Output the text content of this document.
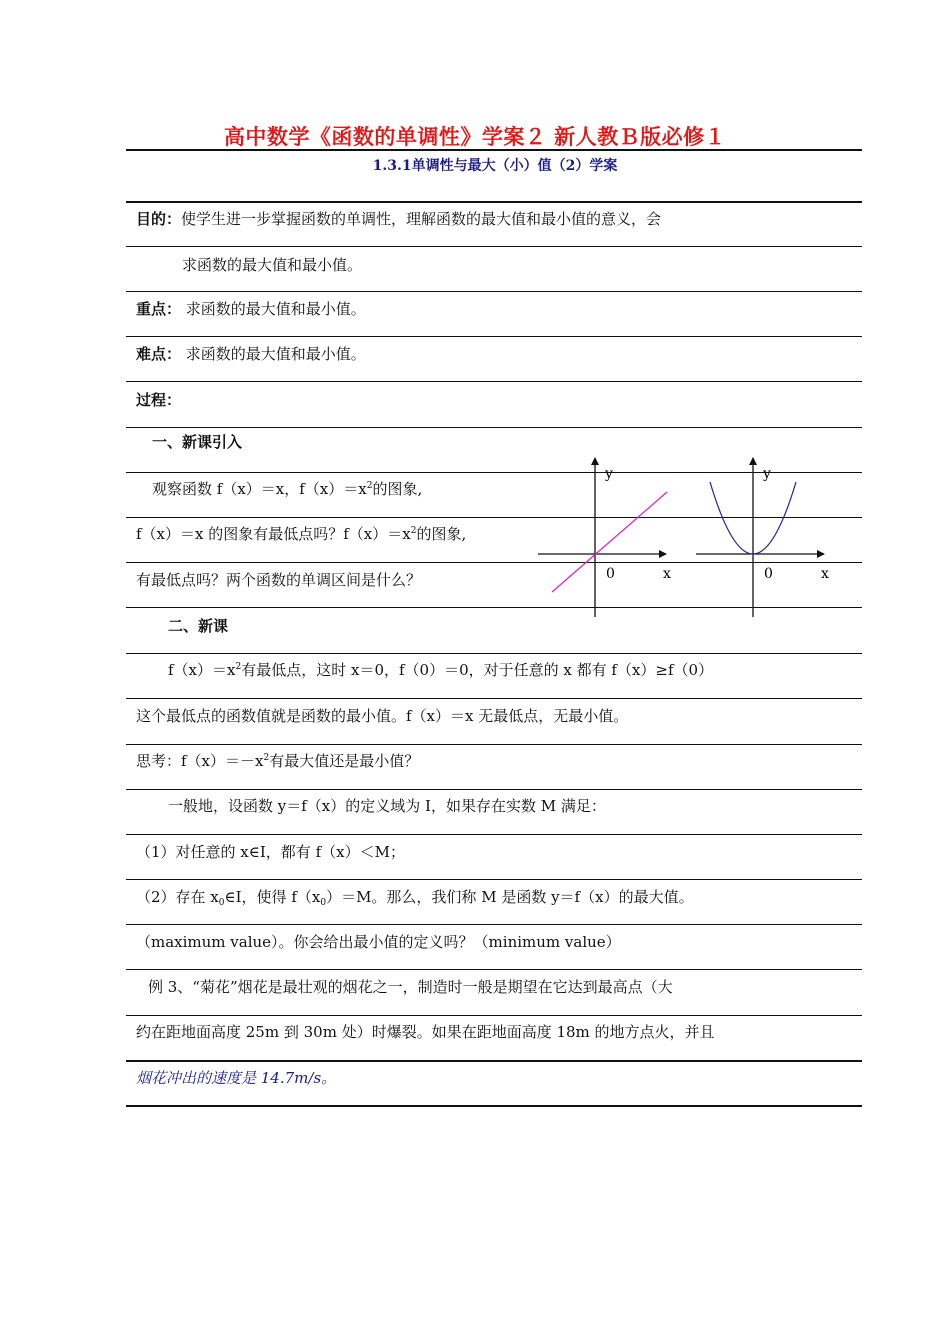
高中数学《函数的单调性》学案２ 新人教Ｂ版必修１
1.3.1单调性与最大（小）值（2）学案
目的：使学生进一步掌握函数的单调性，理解函数的最大值和最小值的意义，会
求函数的最大值和最小值。
重点： 求函数的最大值和最小值。
难点： 求函数的最大值和最小值。
过程：
一、新课引入
观察函数 f（x）＝x，$f(x)=x^2$的图象,
f（x）＝x 的图象有最低点吗？$f(x)=x^2$的图象,
有最低点吗？两个函数的单调区间是什么？
y
x
0
y
x
0
二、新课
$f(x)=x^2$有最低点，这时 x＝0，f（0）＝0，对于任意的 x 都有 f（x）≥f（0）
这个最低点的函数值就是函数的最小值。f（x）＝x 无最低点，无最小值。
思考：$f(x)=-x^2$有最大值还是最小值？
一般地，设函数 y＝f（x）的定义域为 I，如果存在实数 M 满足：
（1）对任意的 x∈I，都有 f（x）＜M；
（2）存在 $x_0\in I$，使得 $f(x_0)=M$。那么，我们称 M 是函数 y＝f（x）的最大值。
（maximum value）。你会给出最小值的定义吗？（minimum value）
例 3、“菊花”烟花是最壮观的烟花之一，制造时一般是期望在它达到最高点（大
约在距地面高度 25m 到 30m 处）时爆裂。如果在距地面高度 18m 的地方点火，并且
烟花冲出的速度是 14.7m/s。
